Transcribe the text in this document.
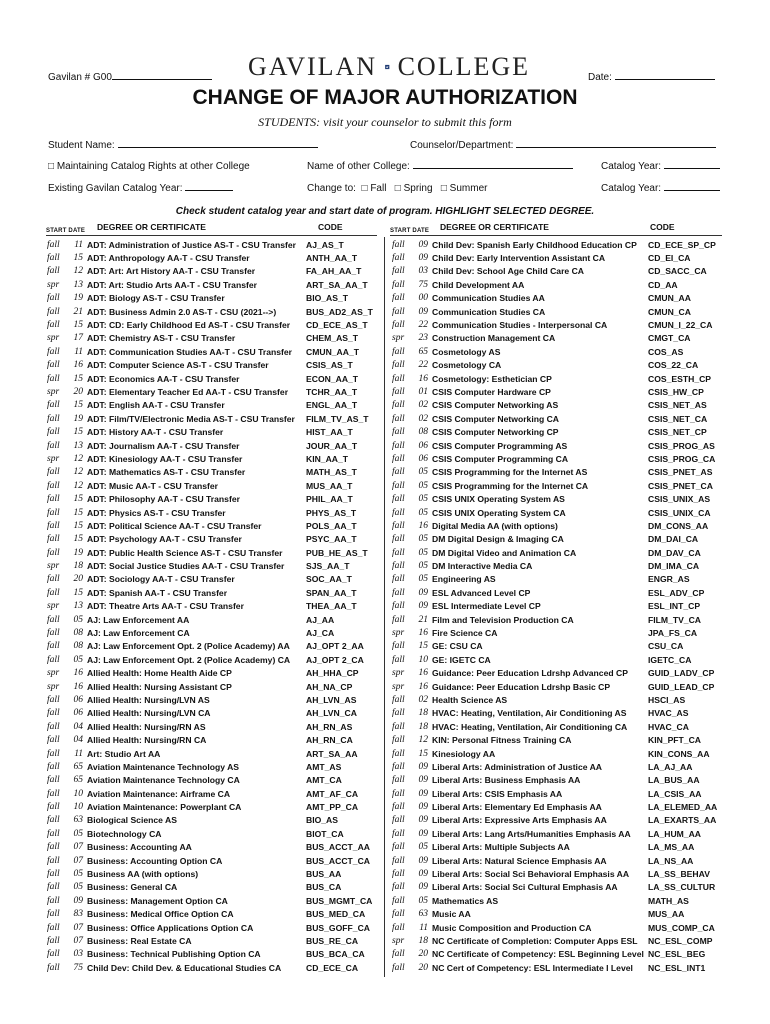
Gavilan # G00	GAVILAN COLLEGE	Date:
CHANGE OF MAJOR AUTHORIZATION
STUDENTS: visit your counselor to submit this form
Student Name:	Counselor/Department:
□ Maintaining Catalog Rights at other College	Name of other College:	Catalog Year:
Existing Gavilan Catalog Year:	Change to: □ Fall □ Spring □ Summer	Catalog Year:
Check student catalog year and start date of program. HIGHLIGHT SELECTED DEGREE.
START DATE DEGREE OR CERTIFICATE	CODE	START DATE DEGREE OR CERTIFICATE	CODE
fall	11	ADT: Administration of Justice AS-T - CSU Transfer	AJ_AS_T
fall	15	ADT: Anthropology AA-T - CSU Transfer	ANTH_AA_T
fall	12	ADT: Art: Art History AA-T - CSU Transfer	FA_AH_AA_T
spr	13	ADT: Art: Studio Arts AA-T - CSU Transfer	ART_SA_AA_T
fall	19	ADT: Biology AS-T - CSU Transfer	BIO_AS_T
fall	21	ADT: Business Admin 2.0 AS-T - CSU (2021-->)	BUS_AD2_AS_T
fall	15	ADT: CD: Early Childhood Ed AS-T - CSU Transfer	CD_ECE_AS_T
spr	17	ADT: Chemistry AS-T - CSU Transfer	CHEM_AS_T
fall	11	ADT: Communication Studies AA-T - CSU Transfer	CMUN_AA_T
fall	16	ADT: Computer Science AS-T - CSU Transfer	CSIS_AS_T
fall	15	ADT: Economics AA-T - CSU Transfer	ECON_AA_T
spr	20	ADT: Elementary Teacher Ed AA-T - CSU Transfer	TCHR_AA_T
fall	15	ADT: English AA-T - CSU Transfer	ENGL_AA_T
fall	19	ADT: Film/TV/Electronic Media AS-T - CSU Transfer	FILM_TV_AS_T
fall	15	ADT: History AA-T - CSU Transfer	HIST_AA_T
fall	13	ADT: Journalism AA-T - CSU Transfer	JOUR_AA_T
spr	12	ADT: Kinesiology AA-T - CSU Transfer	KIN_AA_T
fall	12	ADT: Mathematics AS-T - CSU Transfer	MATH_AS_T
fall	12	ADT: Music AA-T - CSU Transfer	MUS_AA_T
fall	15	ADT: Philosophy AA-T - CSU Transfer	PHIL_AA_T
fall	15	ADT: Physics AS-T - CSU Transfer	PHYS_AS_T
fall	15	ADT: Political Science AA-T - CSU Transfer	POLS_AA_T
fall	15	ADT: Psychology AA-T - CSU Transfer	PSYC_AA_T
fall	19	ADT: Public Health Science AS-T - CSU Transfer	PUB_HE_AS_T
spr	18	ADT: Social Justice Studies AA-T - CSU Transfer	SJS_AA_T
fall	20	ADT: Sociology AA-T - CSU Transfer	SOC_AA_T
fall	15	ADT: Spanish AA-T - CSU Transfer	SPAN_AA_T
spr	13	ADT: Theatre Arts AA-T - CSU Transfer	THEA_AA_T
fall	05	AJ: Law Enforcement AA	AJ_AA
fall	08	AJ: Law Enforcement CA	AJ_CA
fall	08	AJ: Law Enforcement Opt. 2 (Police Academy) AA	AJ_OPT 2_AA
fall	05	AJ: Law Enforcement Opt. 2 (Police Academy) CA	AJ_OPT 2_CA
spr	16	Allied Health: Home Health Aide CP	AH_HHA_CP
spr	16	Allied Health: Nursing Assistant CP	AH_NA_CP
fall	06	Allied Health: Nursing/LVN AS	AH_LVN_AS
fall	06	Allied Health: Nursing/LVN CA	AH_LVN_CA
fall	04	Allied Health: Nursing/RN AS	AH_RN_AS
fall	04	Allied Health: Nursing/RN CA	AH_RN_CA
fall	11	Art: Studio Art AA	ART_SA_AA
fall	65	Aviation Maintenance Technology AS	AMT_AS
fall	65	Aviation Maintenance Technology CA	AMT_CA
fall	10	Aviation Maintenance: Airframe CA	AMT_AF_CA
fall	10	Aviation Maintenance: Powerplant CA	AMT_PP_CA
fall	63	Biological Science AS	BIO_AS
fall	05	Biotechnology CA	BIOT_CA
fall	07	Business: Accounting AA	BUS_ACCT_AA
fall	07	Business: Accounting Option CA	BUS_ACCT_CA
fall	05	Business AA (with options)	BUS_AA
fall	05	Business: General CA	BUS_CA
fall	09	Business: Management Option CA	BUS_MGMT_CA
fall	83	Business: Medical Office Option CA	BUS_MED_CA
fall	07	Business: Office Applications Option CA	BUS_GOFF_CA
fall	07	Business: Real Estate CA	BUS_RE_CA
fall	03	Business: Technical Publishing Option CA	BUS_BCA_CA
fall	75	Child Dev: Child Dev. & Educational Studies CA	CD_ECE_CA
fall	09	Child Dev: Spanish Early Childhood Education CP	CD_ECE_SP_CP
fall	09	Child Dev: Early Intervention Assistant CA	CD_EI_CA
fall	03	Child Dev: School Age Child Care CA	CD_SACC_CA
fall	75	Child Development AA	CD_AA
fall	00	Communication Studies AA	CMUN_AA
fall	09	Communication Studies CA	CMUN_CA
fall	22	Communication Studies - Interpersonal CA	CMUN_I_22_CA
spr	23	Construction Management CA	CMGT_CA
fall	65	Cosmetology AS	COS_AS
fall	22	Cosmetology CA	COS_22_CA
fall	16	Cosmetology: Esthetician CP	COS_ESTH_CP
fall	01	CSIS Computer Hardware CP	CSIS_HW_CP
fall	02	CSIS Computer Networking AS	CSIS_NET_AS
fall	02	CSIS Computer Networking CA	CSIS_NET_CA
fall	08	CSIS Computer Networking CP	CSIS_NET_CP
fall	06	CSIS Computer Programming AS	CSIS_PROG_AS
fall	06	CSIS Computer Programming CA	CSIS_PROG_CA
fall	05	CSIS Programming for the Internet AS	CSIS_PNET_AS
fall	05	CSIS Programming for the Internet CA	CSIS_PNET_CA
fall	05	CSIS UNIX Operating System AS	CSIS_UNIX_AS
fall	05	CSIS UNIX Operating System CA	CSIS_UNIX_CA
fall	16	Digital Media AA (with options)	DM_CONS_AA
fall	05	DM Digital Design & Imaging CA	DM_DAI_CA
fall	05	DM Digital Video and Animation CA	DM_DAV_CA
fall	05	DM Interactive Media CA	DM_IMA_CA
fall	05	Engineering AS	ENGR_AS
fall	09	ESL Advanced Level CP	ESL_ADV_CP
fall	09	ESL Intermediate Level CP	ESL_INT_CP
fall	21	Film and Television Production CA	FILM_TV_CA
spr	16	Fire Science CA	JPA_FS_CA
fall	15	GE: CSU CA	CSU_CA
fall	10	GE: IGETC CA	IGETC_CA
spr	16	Guidance: Peer Education Ldrshp Advanced CP	GUID_LADV_CP
spr	16	Guidance: Peer Education Ldrshp Basic CP	GUID_LEAD_CP
fall	02	Health Science AS	HSCI_AS
fall	18	HVAC: Heating, Ventilation, Air Conditioning AS	HVAC_AS
fall	18	HVAC: Heating, Ventilation, Air Conditioning CA	HVAC_CA
fall	12	KIN: Personal Fitness Training CA	KIN_PFT_CA
fall	15	Kinesiology AA	KIN_CONS_AA
fall	09	Liberal Arts: Administration of Justice AA	LA_AJ_AA
fall	09	Liberal Arts: Business Emphasis AA	LA_BUS_AA
fall	09	Liberal Arts: CSIS Emphasis AA	LA_CSIS_AA
fall	09	Liberal Arts: Elementary Ed Emphasis AA	LA_ELEMED_AA
fall	09	Liberal Arts: Expressive Arts Emphasis AA	LA_EXARTS_AA
fall	09	Liberal Arts: Lang Arts/Humanities Emphasis AA	LA_HUM_AA
fall	05	Liberal Arts: Multiple Subjects AA	LA_MS_AA
fall	09	Liberal Arts: Natural Science Emphasis AA	LA_NS_AA
fall	09	Liberal Arts: Social Sci Behavioral Emphasis AA	LA_SS_BEHAV
fall	09	Liberal Arts: Social Sci Cultural Emphasis AA	LA_SS_CULTUR
fall	05	Mathematics AS	MATH_AS
fall	63	Music AA	MUS_AA
fall	11	Music Composition and Production CA	MUS_COMP_CA
spr	18	NC Certificate of Completion: Computer Apps ESL	NC_ESL_COMP
fall	20	NC Certificate of Competency: ESL Beginning Level	NC_ESL_BEG
fall	20	NC Cert of Competency: ESL Intermediate I Level	NC_ESL_INT1
